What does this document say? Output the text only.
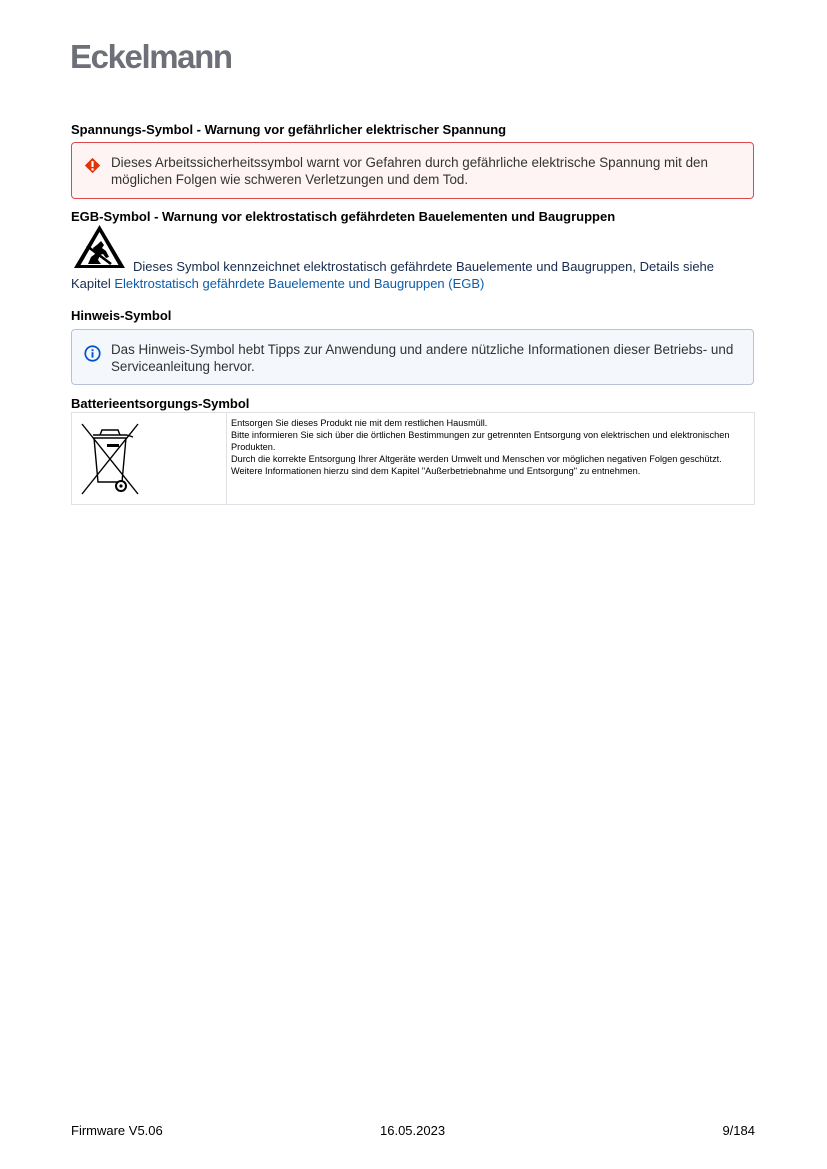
Eckelmann
Spannungs-Symbol - Warnung vor gefährlicher elektrischer Spannung
Dieses Arbeitssicherheitssymbol warnt vor Gefahren durch gefährliche elektrische Spannung mit den möglichen Folgen wie schweren Verletzungen und dem Tod.
EGB-Symbol - Warnung vor elektrostatisch gefährdeten Bauelementen und Baugruppen
Dieses Symbol kennzeichnet elektrostatisch gefährdete Bauelemente und Baugruppen, Details siehe
Kapitel Elektrostatisch gefährdete Bauelemente und Baugruppen (EGB)
Hinweis-Symbol
Das Hinweis-Symbol hebt Tipps zur Anwendung und andere nützliche Informationen dieser Betriebs- und Serviceanleitung hervor.
Batterieentsorgungs-Symbol

Entsorgen Sie dieses Produkt nie mit dem restlichen Hausmüll.
Bitte informieren Sie sich über die örtlichen Bestimmungen zur getrennten Entsorgung von elektrischen und elektronischen Produkten.
Durch die korrekte Entsorgung Ihrer Altgeräte werden Umwelt und Menschen vor möglichen negativen Folgen geschützt. Weitere Informationen hierzu sind dem Kapitel "Außerbetriebnahme und Entsorgung" zu entnehmen.
Firmware V5.06	16.05.2023	9/184
